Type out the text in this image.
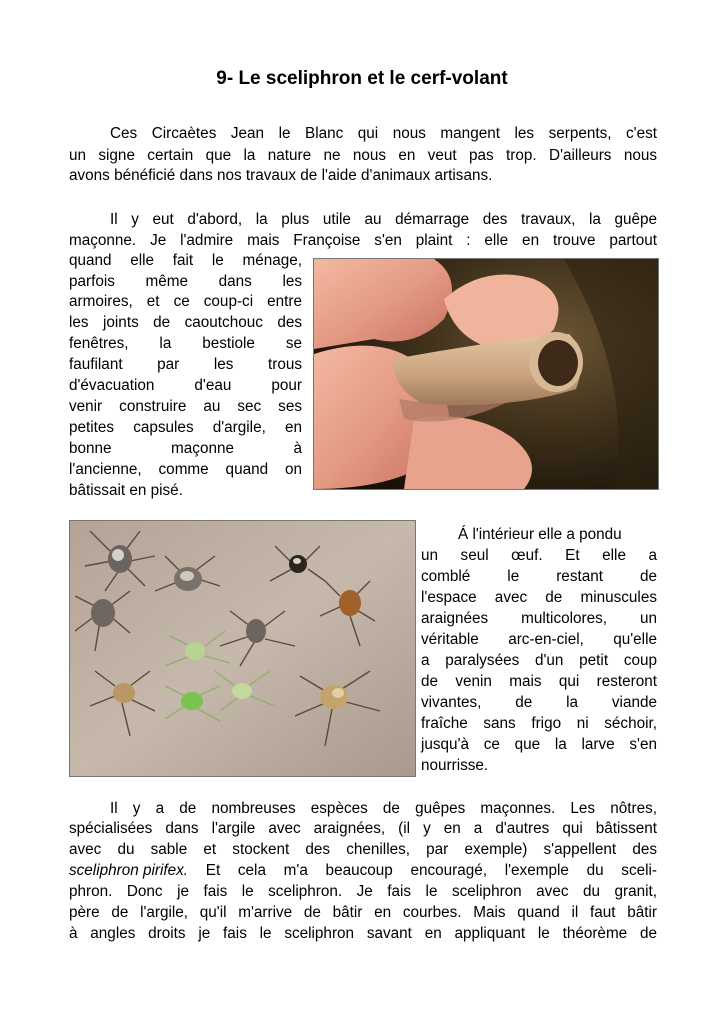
9- Le sceliphron et le cerf-volant
Ces Circaètes Jean le Blanc qui nous mangent les serpents, c'est
un signe certain que la nature ne nous en veut pas trop. D'ailleurs nous
avons bénéficié dans nos travaux de l'aide d'animaux artisans.
Il y eut d'abord, la plus utile au démarrage des travaux, la guêpe
maçonne. Je l'admire mais Françoise s'en plaint : elle en trouve partout
quand elle fait le ménage,
parfois même dans les
armoires, et ce coup-ci entre
les joints de caoutchouc des
fenêtres, la bestiole se
faufilant par les trous
d'évacuation d'eau pour
venir construire au sec ses
petites capsules d'argile, en
bonne maçonne à
l'ancienne, comme quand on
bâtissait en pisé.
Á l'intérieur elle a pondu
un seul œuf. Et elle a
comblé le restant de
l'espace avec de minuscules
araignées multicolores, un
véritable arc-en-ciel, qu'elle
a paralysées d'un petit coup
de venin mais qui resteront
vivantes, de la viande
fraîche sans frigo ni séchoir,
jusqu'à ce que la larve s'en
nourrisse.
Il y a de nombreuses espèces de guêpes maçonnes. Les nôtres,
spécialisées dans l'argile avec araignées, (il y en a d'autres qui bâtissent
avec du sable et stockent des chenilles, par exemple) s'appellent des
sceliphron pirifex. Et cela m'a beaucoup encouragé, l'exemple du sceli-
phron. Donc je fais le sceliphron. Je fais le sceliphron avec du granit,
père de l'argile, qu'il m'arrive de bâtir en courbes. Mais quand il faut bâtir
à angles droits je fais le sceliphron savant en appliquant le théorème de
